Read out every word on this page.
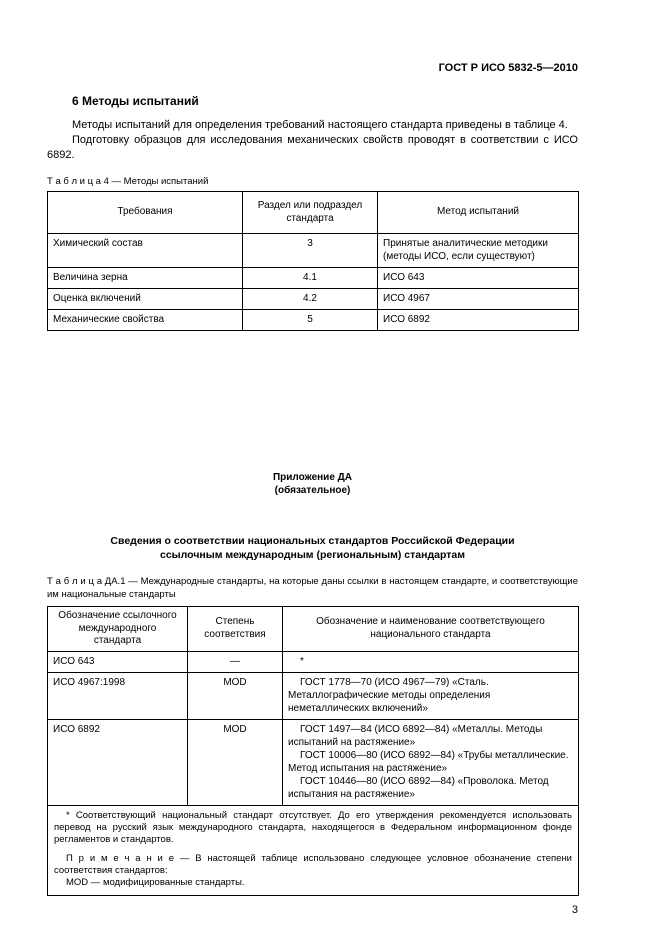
ГОСТ Р ИСО 5832-5—2010
6 Методы испытаний

Методы испытаний для определения требований настоящего стандарта приведены в таблице 4.

Подготовку образцов для исследования механических свойств проводят в соответствии с ИСО 6892.

Т а б л и ц а 4 — Методы испытаний
Требования	Раздел или подраздел стандарта	Метод испытаний
Химический состав	3	Принятые аналитические методики (методы ИСО, если существуют)
Величина зерна	4.1	ИСО 643
Оценка включений	4.2	ИСО 4967
Механические свойства	5	ИСО 6892
Приложение ДА
(обязательное)
Сведения о соответствии национальных стандартов Российской Федерации ссылочным международным (региональным) стандартам
Т а б л и ц а ДА.1 — Международные стандарты, на которые даны ссылки в настоящем стандарте, и соответствующие им национальные стандарты
Обозначение ссылочного международного стандарта	Степень соответствия	Обозначение и наименование соответствующего национального стандарта
ИСО 643	—	*

ИСО 4967:1998	MOD	ГОСТ 1778—70 (ИСО 4967—79) «Сталь. Металлографические методы определения неметаллических включений»

ИСО 6892	MOD	ГОСТ 1497—84 (ИСО 6892—84) «Металлы. Методы испытаний на растяжение»
ГОСТ 10006—80 (ИСО 6892—84) «Трубы металлические. Метод испытания на растяжение»
ГОСТ 10446—80 (ИСО 6892—84) «Проволока. Метод испытания на растяжение»

* Соответствующий национальный стандарт отсутствует. До его утверждения рекомендуется использовать перевод на русский язык международного стандарта, находящегося в Федеральном информационном фонде регламентов и стандартов.

П р и м е ч а н и е — В настоящей таблице использовано следующее условное обозначение степени соответствия стандартов:

MOD — модифицированные стандарты.		

3
